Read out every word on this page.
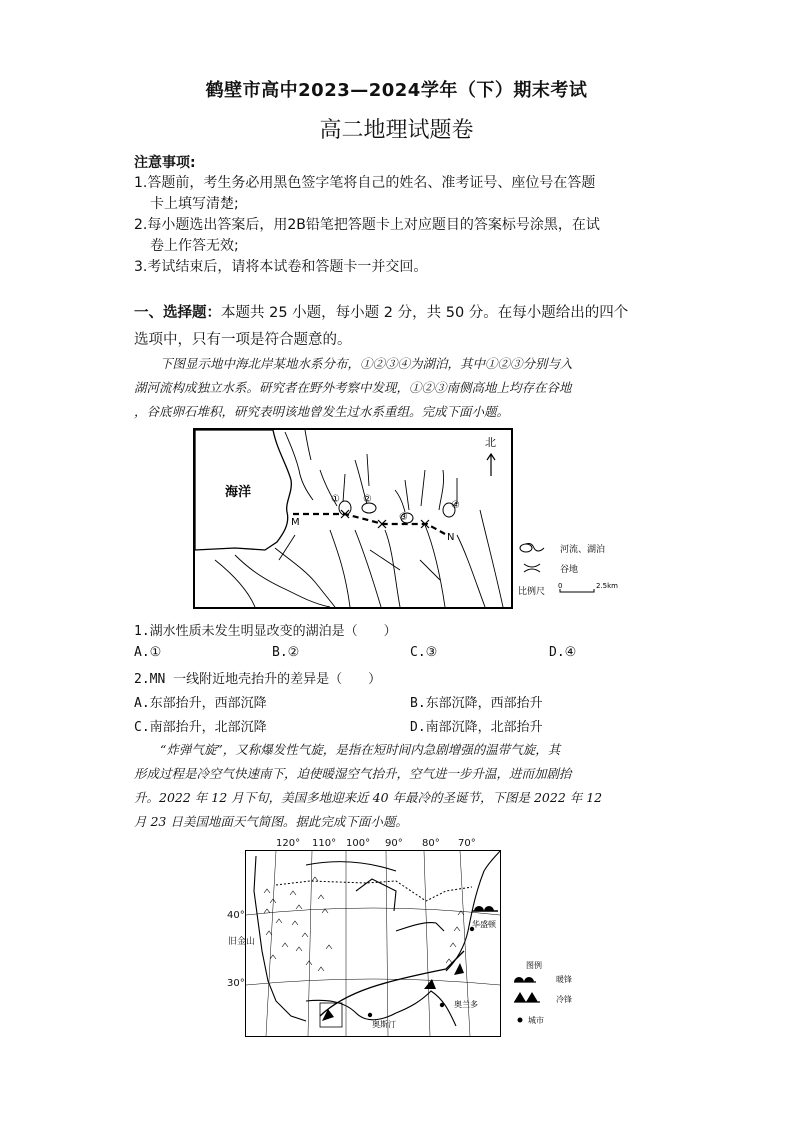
鹤壁市高中2023—2024学年（下）期末考试
高二地理试题卷
注意事项:
1.答题前，考生务必用黑色签字笔将自己的姓名、准考证号、座位号在答题
卡上填写清楚;
2.每小题选出答案后，用2B铅笔把答题卡上对应题目的答案标号涂黑，在试
卷上作答无效;
3.考试结束后，请将本试卷和答题卡一并交回。
一、选择题：本题共 25 小题，每小题 2 分，共 50 分。在每小题给出的四个
选项中，只有一项是符合题意的。
下图显示地中海北岸某地水系分布，①②③④为湖泊，其中①②③分别与入
湖河流构成独立水系。研究者在野外考察中发现，①②③南侧高地上均存在谷地
，谷底卵石堆积，研究表明该地曾发生过水系重组。完成下面小题。
海洋	① ②
③
④
M
N
北
河流、湖泊
谷地
比例尺
0	2.5km
1.湖水性质未发生明显改变的湖泊是（　　）
A.①	B.②	C.③	D.④
2.MN 一线附近地壳抬升的差异是（　　）
A.东部抬升，西部沉降	B.东部沉降，西部抬升
C.南部抬升，北部沉降	D.南部沉降，北部抬升
“炸弹气旋”，又称爆发性气旋，是指在短时间内急剧增强的温带气旋，其
形成过程是冷空气快速南下，迫使暖湿空气抬升，空气进一步升温，进而加剧抬
升。2022 年 12 月下旬，美国多地迎来近 40 年最冷的圣诞节，下图是 2022 年 12
月 23 日美国地面天气简图。据此完成下面小题。
120° 110° 100° 90° 80° 70°
40°
30°
华盛顿
奥斯汀
奥兰多
旧金山
图例
暖锋
冷锋
城市
